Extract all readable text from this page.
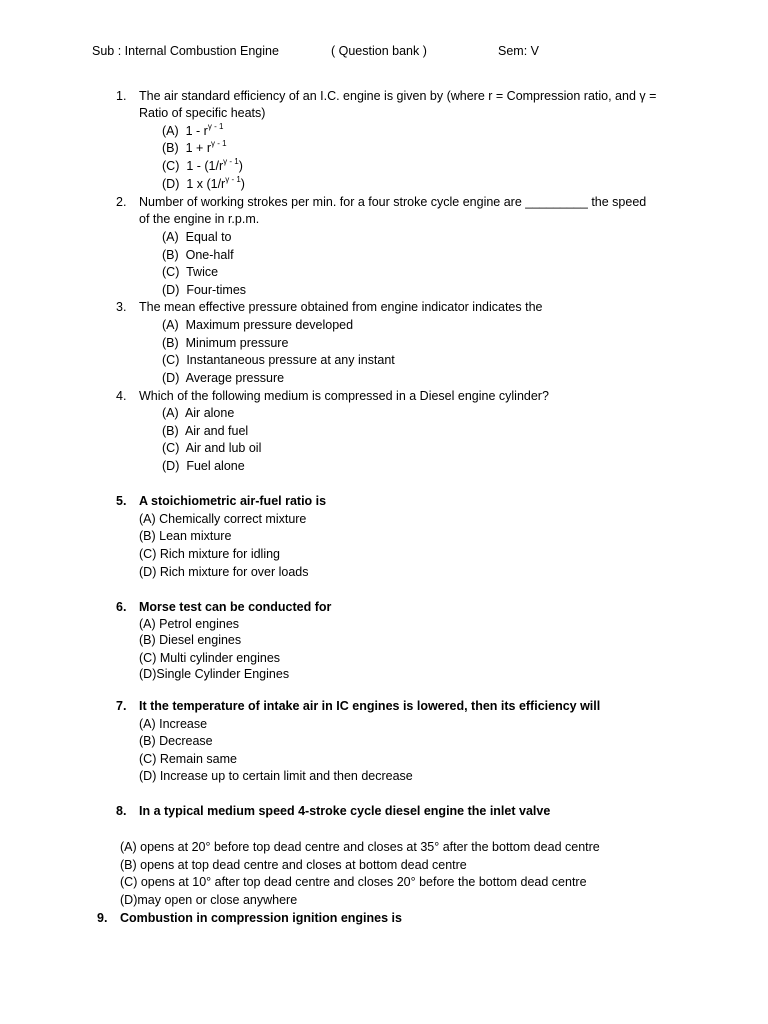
Sub : Internal Combustion Engine	( Question bank )	Sem: V
1. The air standard efficiency of an I.C. engine is given by (where r = Compression ratio, and γ =
Ratio of specific heats)
(A) $1 - r^{\gamma - 1}$
(B) $1 + r^{\gamma - 1}$
(C) $1 - (1/r^{\gamma - 1})$
(D) 1 x $(1/r^{\gamma - 1})$
2. Number of working strokes per min. for a four stroke cycle engine are _________ the speed
of the engine in r.p.m.
(A) Equal to
(B) One-half
(C) Twice
(D) Four-times
3. The mean effective pressure obtained from engine indicator indicates the
(A) Maximum pressure developed
(B) Minimum pressure
(C) Instantaneous pressure at any instant
(D) Average pressure
4. Which of the following medium is compressed in a Diesel engine cylinder?
(A) Air alone
(B) Air and fuel
(C) Air and lub oil
(D) Fuel alone
5. A stoichiometric air-fuel ratio is
(A) Chemically correct mixture
(B) Lean mixture
(C) Rich mixture for idling
(D) Rich mixture for over loads
6. Morse test can be conducted for
(A) Petrol engines
(B) Diesel engines
(C) Multi cylinder engines
(D)Single Cylinder Engines
7. It the temperature of intake air in IC engines is lowered, then its efficiency will
(A) Increase
(B) Decrease
(C) Remain same
(D) Increase up to certain limit and then decrease
8. In a typical medium speed 4-stroke cycle diesel engine the inlet valve
(A) opens at 20° before top dead centre and closes at 35° after the bottom dead centre
(B) opens at top dead centre and closes at bottom dead centre
(C) opens at 10° after top dead centre and closes 20° before the bottom dead centre
(D)may open or close anywhere
9. Combustion in compression ignition engines is
